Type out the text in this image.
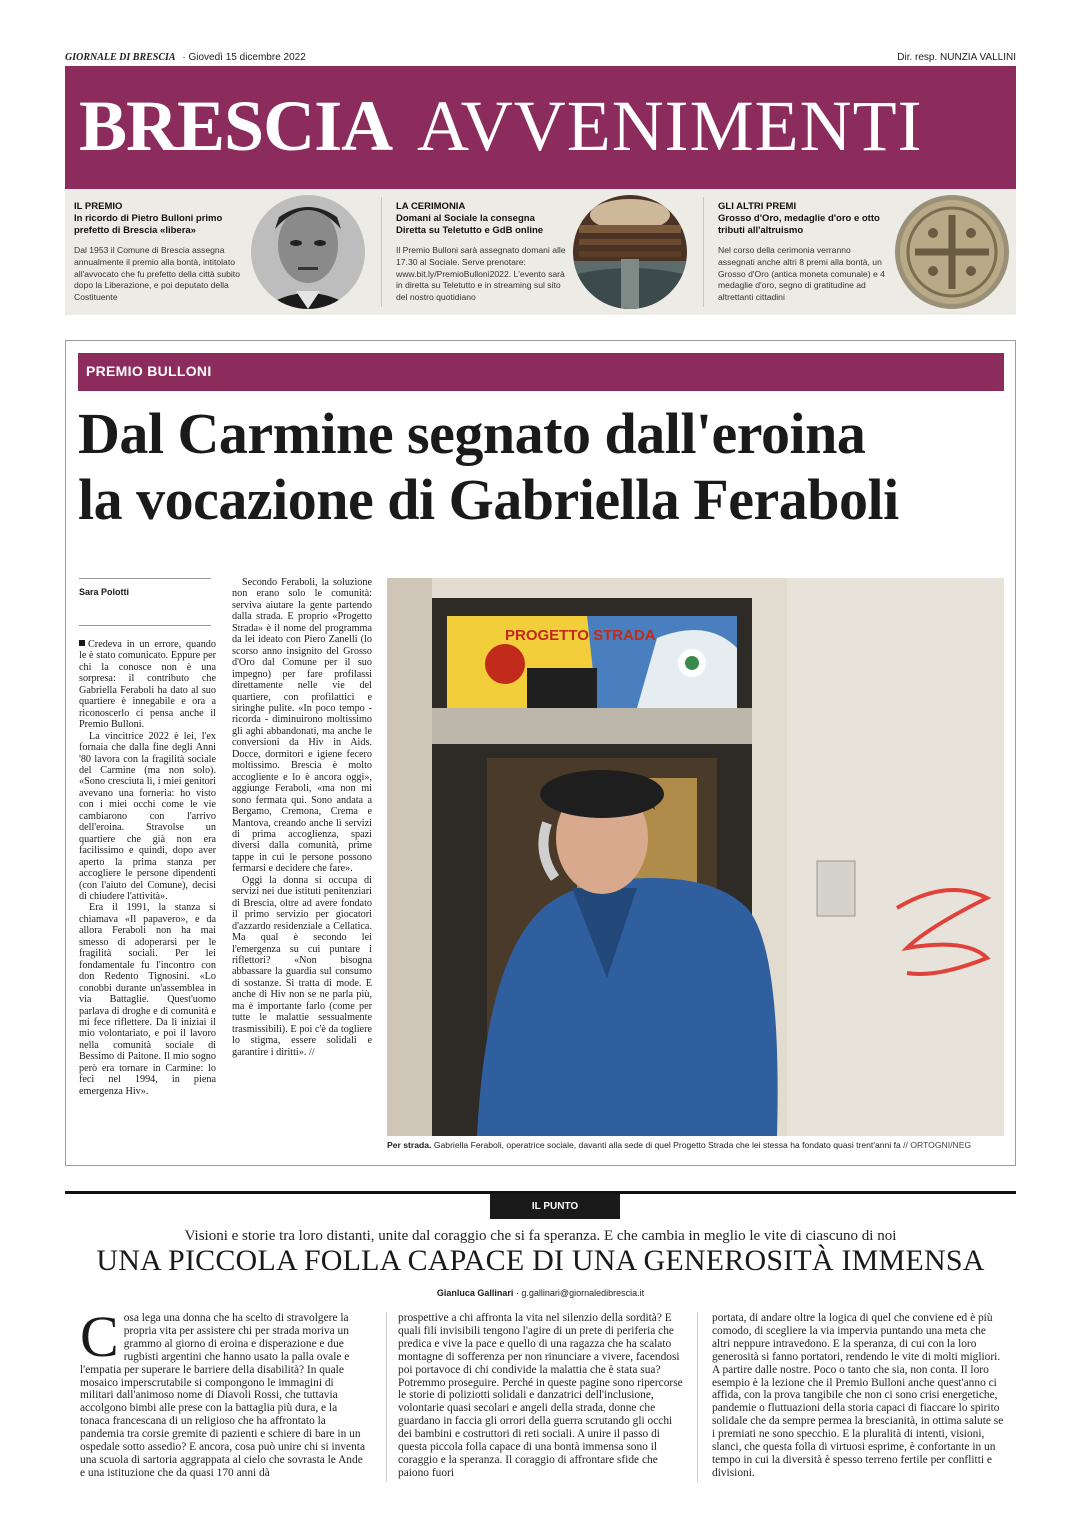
GIORNALE DI BRESCIA · Giovedì 15 dicembre 2022	Dir. resp. NUNZIA VALLINI
BRESCIA AVVENIMENTI
IL PREMIO
In ricordo di Pietro Bulloni primo prefetto di Brescia «libera»
Dal 1953 il Comune di Brescia assegna annualmente il premio alla bontà, intitolato all'avvocato che fu prefetto della città subito dopo la Liberazione, e poi deputato della Costituente
LA CERIMONIA
Domani al Sociale la consegna Diretta su Teletutto e GdB online
Il Premio Bulloni sarà assegnato domani alle 17.30 al Sociale. Serve prenotare: www.bit.ly/PremioBulloni2022. L'evento sarà in diretta su Teletutto e in streaming sul sito del nostro quotidiano
GLI ALTRI PREMI
Grosso d'Oro, medaglie d'oro e otto tributi all'altruismo
Nel corso della cerimonia verranno assegnati anche altri 8 premi alla bontà, un Grosso d'Oro (antica moneta comunale) e 4 medaglie d'oro, segno di gratitudine ad altrettanti cittadini
PREMIO BULLONI
Dal Carmine segnato dall'eroina
la vocazione di Gabriella Feraboli
Sara Polotti

Credeva in un errore, quando le è stato comunicato. Eppure per chi la conosce non è una sorpresa: il contributo che Gabriella Feraboli ha dato al suo quartiere è innegabile e ora a riconoscerlo ci pensa anche il Premio Bulloni.

La vincitrice 2022 è lei, l'ex fornaia che dalla fine degli Anni '80 lavora con la fragilità sociale del Carmine (ma non solo). «Sono cresciuta lì, i miei genitori avevano una forneria: ho visto con i miei occhi come le vie cambiarono con l'arrivo dell'eroina. Stravolse un quartiere che già non era facilissimo e quindi, dopo aver aperto la prima stanza per accogliere le persone dipendenti (con l'aiuto del Comune), decisi di chiudere l'attività».

Era il 1991, la stanza si chiamava «Il papavero», e da allora Feraboli non ha mai smesso di adoperarsi per le fragilità sociali. Per lei fondamentale fu l'incontro con don Redento Tignosini. «Lo conobbi durante un'assemblea in via Battaglie. Quest'uomo parlava di droghe e di comunità e mi fece riflettere. Da lì iniziai il mio volontariato, e poi il lavoro nella comunità sociale di Bessimo di Paitone. Il mio sogno però era tornare in Carmine: lo feci nel 1994, in piena emergenza Hiv».

Secondo Feraboli, la soluzione non erano solo le comunità: serviva aiutare la gente partendo dalla strada. E proprio «Progetto Strada» è il nome del programma da lei ideato con Piero Zanelli (lo scorso anno insignito del Grosso d'Oro dal Comune per il suo impegno) per fare profilassi direttamente nelle vie del quartiere, con profilattici e siringhe pulite. «In poco tempo - ricorda - diminuirono moltissimo gli aghi abbandonati, ma anche le conversioni da Hiv in Aids. Docce, dormitori e igiene fecero moltissimo. Brescia è molto accogliente e lo è ancora oggi», aggiunge Feraboli, «ma non mi sono fermata qui. Sono andata a Bergamo, Cremona, Crema e Mantova, creando anche lì servizi di prima accoglienza, spazi diversi dalla comunità, prime tappe in cui le persone possono fermarsi e decidere che fare».

Oggi la donna si occupa di servizi nei due istituti penitenziari di Brescia, oltre ad avere fondato il primo servizio per giocatori d'azzardo residenziale a Cellatica. Ma qual è secondo lei l'emergenza su cui puntare i riflettori? «Non bisogna abbassare la guardia sul consumo di sostanze. Si tratta di mode. E anche di Hiv non se ne parla più, ma è importante farlo (come per tutte le malattie sessualmente trasmissibili). E poi c'è da togliere lo stigma, essere solidali e garantire i diritti». //

PROGETTO STRADA
Per strada. Gabriella Feraboli, operatrice sociale, davanti alla sede di quel Progetto Strada che lei stessa ha fondato quasi trent'anni fa // ORTOGNI/NEG
IL PUNTO
Visioni e storie tra loro distanti, unite dal coraggio che si fa speranza. E che cambia in meglio le vite di ciascuno di noi
UNA PICCOLA FOLLA CAPACE DI UNA GENEROSITÀ IMMENSA
Gianluca Gallinari · g.gallinari@giornaledibrescia.it
Cosa lega una donna che ha scelto di stravolgere la propria vita per assistere chi per strada moriva un grammo al giorno di eroina e disperazione e due rugbisti argentini che hanno usato la palla ovale e l'empatia per superare le barriere della disabilità? In quale mosaico imperscrutabile si compongono le immagini di militari dall'animoso nome di Diavoli Rossi, che tuttavia accolgono bimbi alle prese con la battaglia più dura, e la tonaca francescana di un religioso che ha affrontato la pandemia tra corsie gremite di pazienti e schiere di bare in un ospedale sotto assedio? E ancora, cosa può unire chi si inventa una scuola di sartoria aggrappata al cielo che sovrasta le Ande e una istituzione che da quasi 170 anni dà
prospettive a chi affronta la vita nel silenzio della sordità? E quali fili invisibili tengono l'agire di un prete di periferia che predica e vive la pace e quello di una ragazza che ha scalato montagne di sofferenza per non rinunciare a vivere, facendosi poi portavoce di chi condivide la malattia che è stata sua? Potremmo proseguire. Perché in queste pagine sono ripercorse le storie di poliziotti solidali e danzatrici dell'inclusione, volontarie quasi secolari e angeli della strada, donne che guardano in faccia gli orrori della guerra scrutando gli occhi dei bambini e costruttori di reti sociali. A unire il passo di questa piccola folla capace di una bontà immensa sono il coraggio e la speranza. Il coraggio di affrontare sfide che paiono fuori
portata, di andare oltre la logica di quel che conviene ed è più comodo, di scegliere la via impervia puntando una meta che altri neppure intravedono. E la speranza, di cui con la loro generosità si fanno portatori, rendendo le vite di molti migliori. A partire dalle nostre. Poco o tanto che sia, non conta. Il loro esempio è la lezione che il Premio Bulloni anche quest'anno ci affida, con la prova tangibile che non ci sono crisi energetiche, pandemie o fluttuazioni della storia capaci di fiaccare lo spirito solidale che da sempre permea la brescianità, in ottima salute se i premiati ne sono specchio. E la pluralità di intenti, visioni, slanci, che questa folla di virtuosi esprime, è confortante in un tempo in cui la diversità è spesso terreno fertile per conflitti e divisioni.
